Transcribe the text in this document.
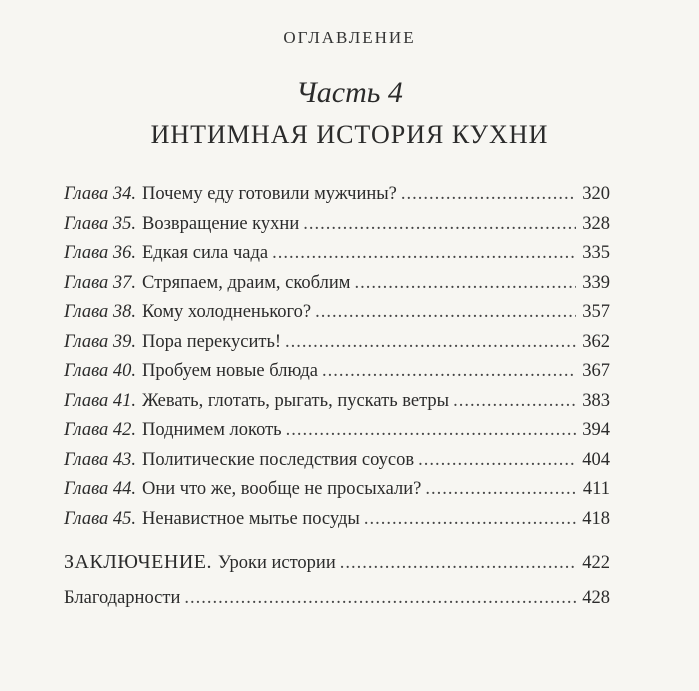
ОГЛАВЛЕНИЕ
Часть 4
ИНТИМНАЯ ИСТОРИЯ КУХНИ
Глава 34. Почему еду готовили мужчины? .....	320
Глава 35. Возвращение кухни .....	328
Глава 36. Едкая сила чада .....	335
Глава 37. Стряпаем, драим, скоблим .....	339
Глава 38. Кому холодненького? .....	357
Глава 39. Пора перекусить! .....	362
Глава 40. Пробуем новые блюда .....	367
Глава 41. Жевать, глотать, рыгать, пускать ветры .....	383
Глава 42. Поднимем локоть .....	394
Глава 43. Политические последствия соусов .....	404
Глава 44. Они что же, вообще не просыхали? .....	411
Глава 45. Ненавистное мытье посуды .....	418
ЗАКЛЮЧЕНИЕ. Уроки истории .....	422
Благодарности .....	428
